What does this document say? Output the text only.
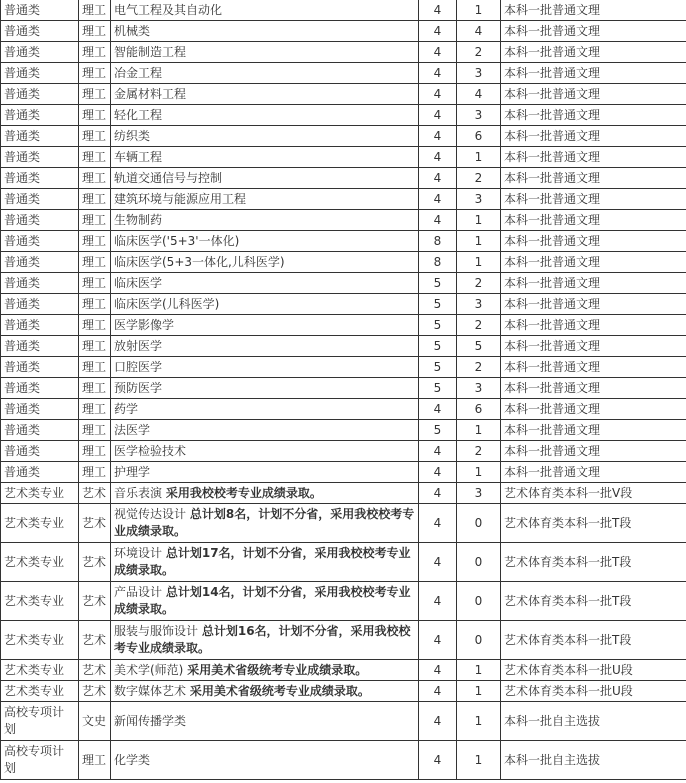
普通类	理工	电气工程及其自动化	4	1	本科一批普通文理
普通类	理工	机械类	4	4	本科一批普通文理
普通类	理工	智能制造工程	4	2	本科一批普通文理
普通类	理工	冶金工程	4	3	本科一批普通文理
普通类	理工	金属材料工程	4	4	本科一批普通文理
普通类	理工	轻化工程	4	3	本科一批普通文理
普通类	理工	纺织类	4	6	本科一批普通文理
普通类	理工	车辆工程	4	1	本科一批普通文理
普通类	理工	轨道交通信号与控制	4	2	本科一批普通文理
普通类	理工	建筑环境与能源应用工程	4	3	本科一批普通文理
普通类	理工	生物制药	4	1	本科一批普通文理
普通类	理工	临床医学('5+3'一体化)	8	1	本科一批普通文理
普通类	理工	临床医学(5+3一体化,儿科医学)	8	1	本科一批普通文理
普通类	理工	临床医学	5	2	本科一批普通文理
普通类	理工	临床医学(儿科医学)	5	3	本科一批普通文理
普通类	理工	医学影像学	5	2	本科一批普通文理
普通类	理工	放射医学	5	5	本科一批普通文理
普通类	理工	口腔医学	5	2	本科一批普通文理
普通类	理工	预防医学	5	3	本科一批普通文理
普通类	理工	药学	4	6	本科一批普通文理
普通类	理工	法医学	5	1	本科一批普通文理
普通类	理工	医学检验技术	4	2	本科一批普通文理
普通类	理工	护理学	4	1	本科一批普通文理
艺术类专业	艺术	音乐表演 采用我校校考专业成绩录取。	4	3	艺术体育类本科一批V段
艺术类专业	艺术	视觉传达设计 总计划8名，计划不分省，采用我校校考专业成绩录取。	4	0	艺术体育类本科一批T段
艺术类专业	艺术	环境设计 总计划17名，计划不分省，采用我校校考专业成绩录取。	4	0	艺术体育类本科一批T段
艺术类专业	艺术	产品设计 总计划14名，计划不分省，采用我校校考专业成绩录取。	4	0	艺术体育类本科一批T段
艺术类专业	艺术	服装与服饰设计 总计划16名，计划不分省，采用我校校考专业成绩录取。	4	0	艺术体育类本科一批T段
艺术类专业	艺术	美术学(师范) 采用美术省级统考专业成绩录取。	4	1	艺术体育类本科一批U段
艺术类专业	艺术	数字媒体艺术 采用美术省级统考专业成绩录取。	4	1	艺术体育类本科一批U段
高校专项计划	文史	新闻传播学类	4	1	本科一批自主选拔
高校专项计划	理工	化学类	4	1	本科一批自主选拔
